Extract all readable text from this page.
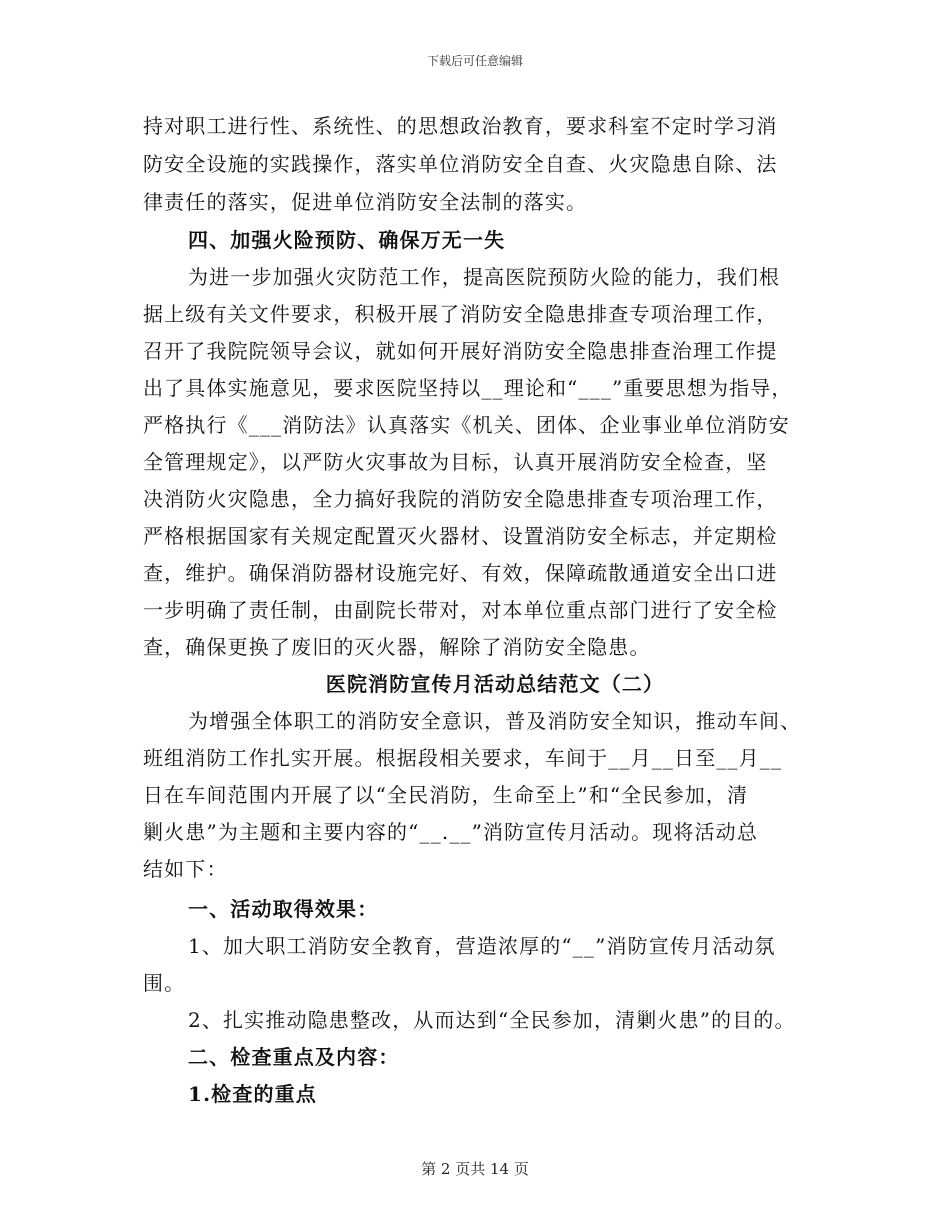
下载后可任意编辑
持对职工进行性、系统性、的思想政治教育，要求科室不定时学习消
防安全设施的实践操作，落实单位消防安全自查、火灾隐患自除、法
律责任的落实，促进单位消防安全法制的落实。
四、加强火险预防、确保万无一失
为进一步加强火灾防范工作，提高医院预防火险的能力，我们根
据上级有关文件要求，积极开展了消防安全隐患排查专项治理工作，
召开了我院院领导会议，就如何开展好消防安全隐患排查治理工作提
出了具体实施意见，要求医院坚持以__理论和“___”重要思想为指导，
严格执行《___消防法》认真落实《机关、团体、企业事业单位消防安
全管理规定》，以严防火灾事故为目标，认真开展消防安全检查，坚
决消防火灾隐患，全力搞好我院的消防安全隐患排查专项治理工作，
严格根据国家有关规定配置灭火器材、设置消防安全标志，并定期检
查，维护。确保消防器材设施完好、有效，保障疏散通道安全出口进
一步明确了责任制，由副院长带对，对本单位重点部门进行了安全检
查，确保更换了废旧的灭火器，解除了消防安全隐患。
医院消防宣传月活动总结范文（二）
为增强全体职工的消防安全意识，普及消防安全知识，推动车间、
班组消防工作扎实开展。根据段相关要求，车间于__月__日至__月__
日在车间范围内开展了以“全民消防，生命至上”和“全民参加，清
剿火患”为主题和主要内容的“__.__”消防宣传月活动。现将活动总
结如下：
一、活动取得效果：
1、加大职工消防安全教育，营造浓厚的“__”消防宣传月活动氛
围。
2、扎实推动隐患整改，从而达到“全民参加，清剿火患”的目的。
二、检查重点及内容：
1.检查的重点
第 2 页共 14 页
